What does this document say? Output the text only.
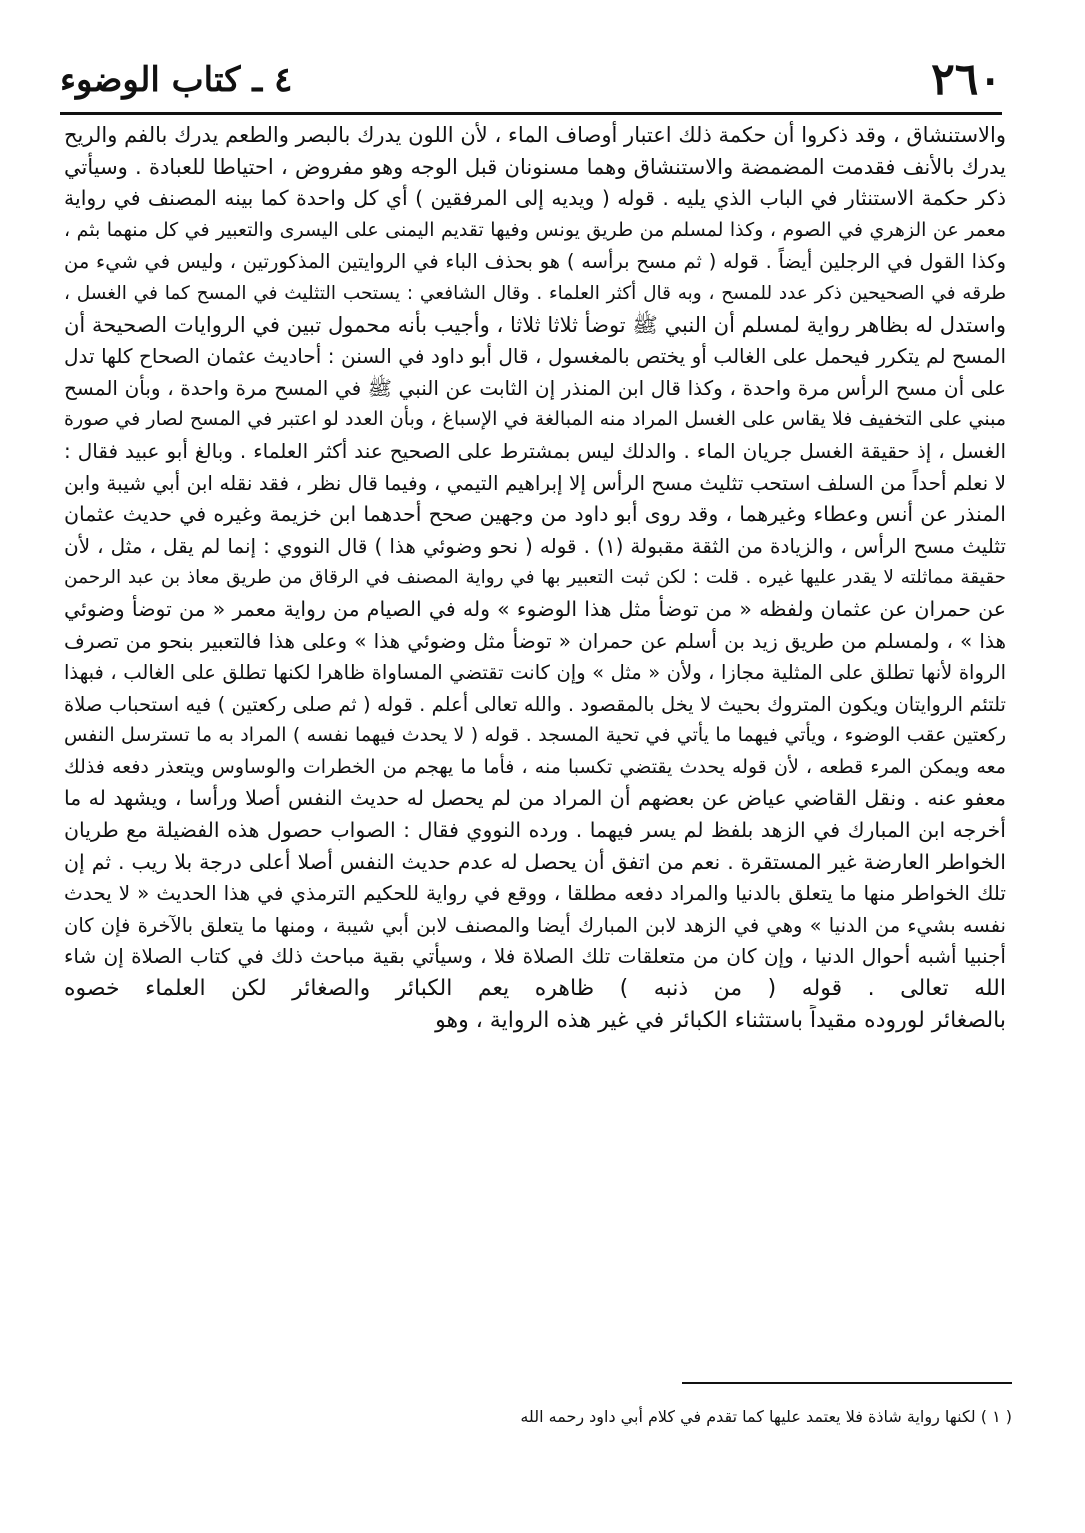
٢٦٠
٤ ـ كتاب الوضوء
والاستنشاق ، وقد ذكروا أن حكمة ذلك اعتبار أوصاف الماء ، لأن اللون يدرك بالبصر والطعم يدرك بالفم والريح
يدرك بالأنف فقدمت المضمضة والاستنشاق وهما مسنونان قبل الوجه وهو مفروض ، احتياطا للعبادة . وسيأتي
ذكر حكمة الاستنثار في الباب الذي يليه . قوله ( ويديه إلى المرفقين ) أي كل واحدة كما بينه المصنف في رواية
معمر عن الزهري في الصوم ، وكذا لمسلم من طريق يونس وفيها تقديم اليمنى على اليسرى والتعبير في كل منهما بثم ،
وكذا القول في الرجلين أيضاً . قوله ( ثم مسح برأسه ) هو بحذف الباء في الروايتين المذكورتين ، وليس في شيء من
طرقه في الصحيحين ذكر عدد للمسح ، وبه قال أكثر العلماء . وقال الشافعي : يستحب التثليث في المسح كما في الغسل ،
واستدل له بظاهر رواية لمسلم أن النبي ﷺ توضأ ثلاثا ثلاثا ، وأجيب بأنه محمول تبين في الروايات الصحيحة أن
المسح لم يتكرر فيحمل على الغالب أو يختص بالمغسول ، قال أبو داود في السنن : أحاديث عثمان الصحاح كلها تدل
على أن مسح الرأس مرة واحدة ، وكذا قال ابن المنذر إن الثابت عن النبي ﷺ في المسح مرة واحدة ، وبأن المسح
مبني على التخفيف فلا يقاس على الغسل المراد منه المبالغة في الإسباغ ، وبأن العدد لو اعتبر في المسح لصار في صورة
الغسل ، إذ حقيقة الغسل جريان الماء . والدلك ليس بمشترط على الصحيح عند أكثر العلماء . وبالغ أبو عبيد فقال :
لا نعلم أحداً من السلف استحب تثليث مسح الرأس إلا إبراهيم التيمي ، وفيما قال نظر ، فقد نقله ابن أبي شيبة وابن
المنذر عن أنس وعطاء وغيرهما ، وقد روى أبو داود من وجهين صحح أحدهما ابن خزيمة وغيره في حديث عثمان
تثليث مسح الرأس ، والزيادة من الثقة مقبولة (١) . قوله ( نحو وضوئي هذا ) قال النووي : إنما لم يقل ، مثل ، لأن
حقيقة مماثلته لا يقدر عليها غيره . قلت : لكن ثبت التعبير بها في رواية المصنف في الرقاق من طريق معاذ بن عبد الرحمن
عن حمران عن عثمان ولفظه « من توضأ مثل هذا الوضوء » وله في الصيام من رواية معمر « من توضأ وضوئي
هذا » ، ولمسلم من طريق زيد بن أسلم عن حمران « توضأ مثل وضوئي هذا » وعلى هذا فالتعبير بنحو من تصرف
الرواة لأنها تطلق على المثلية مجازا ، ولأن « مثل » وإن كانت تقتضي المساواة ظاهرا لكنها تطلق على الغالب ، فبهذا
تلتئم الروايتان ويكون المتروك بحيث لا يخل بالمقصود . والله تعالى أعلم . قوله ( ثم صلى ركعتين ) فيه استحباب صلاة
ركعتين عقب الوضوء ، ويأتي فيهما ما يأتي في تحية المسجد . قوله ( لا يحدث فيهما نفسه ) المراد به ما تسترسل النفس
معه ويمكن المرء قطعه ، لأن قوله يحدث يقتضي تكسبا منه ، فأما ما يهجم من الخطرات والوساوس ويتعذر دفعه فذلك
معفو عنه . ونقل القاضي عياض عن بعضهم أن المراد من لم يحصل له حديث النفس أصلا ورأسا ، ويشهد له ما
أخرجه ابن المبارك في الزهد بلفظ لم يسر فيهما . ورده النووي فقال : الصواب حصول هذه الفضيلة مع طريان
الخواطر العارضة غير المستقرة . نعم من اتفق أن يحصل له عدم حديث النفس أصلا أعلى درجة بلا ريب . ثم إن
تلك الخواطر منها ما يتعلق بالدنيا والمراد دفعه مطلقا ، ووقع في رواية للحكيم الترمذي في هذا الحديث « لا يحدث
نفسه بشيء من الدنيا » وهي في الزهد لابن المبارك أيضا والمصنف لابن أبي شيبة ، ومنها ما يتعلق بالآخرة فإن كان
أجنبيا أشبه أحوال الدنيا ، وإن كان من متعلقات تلك الصلاة فلا ، وسيأتي بقية مباحث ذلك في كتاب الصلاة إن شاء
الله تعالى . قوله ( من ذنبه ) ظاهره يعم الكبائر والصغائر لكن العلماء خصوه
بالصغائر لوروده مقيداً باستثناء الكبائر في غير هذه الرواية ، وهو
( ١ ) لكنها رواية شاذة فلا يعتمد عليها كما تقدم في كلام أبي داود رحمه الله
